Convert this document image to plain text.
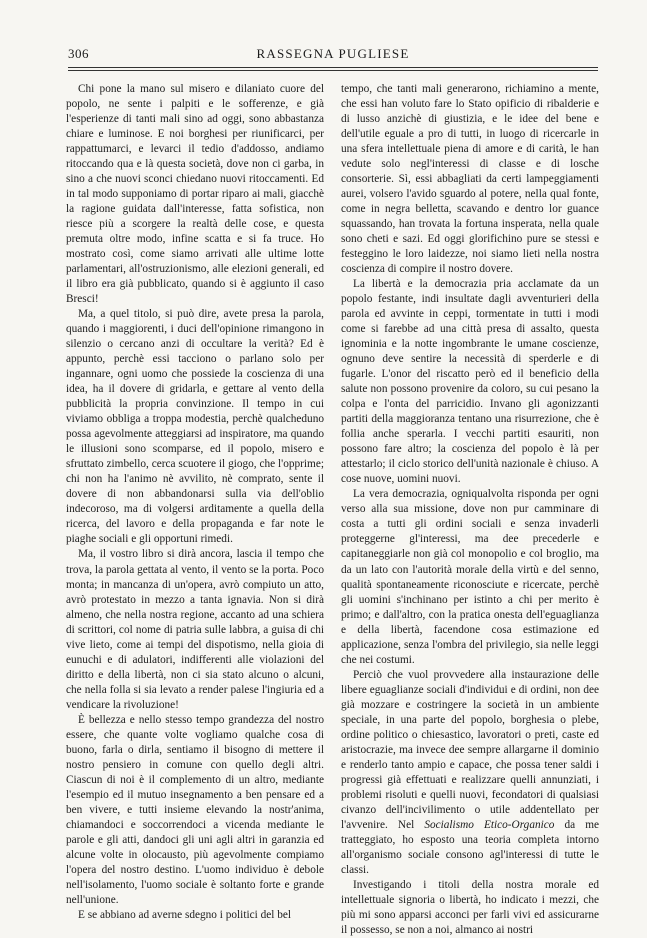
306	RASSEGNA PUGLIESE

Chi pone la mano sul misero e dilaniato cuore del popolo, ne sente i palpiti e le sofferenze, e già l'esperienze di tanti mali sino ad oggi, sono abbastanza chiare e luminose. E noi borghesi per riunificarci, per rappattumarci, e levarci il tedio d'addosso, andiamo ritoccando qua e là questa società, dove non ci garba, in sino a che nuovi sconci chiedano nuovi ritoccamenti. Ed in tal modo supponiamo di portar riparo ai mali, giacchè la ragione guidata dall'interesse, fatta sofistica, non riesce più a scorgere la realtà delle cose, e questa premuta oltre modo, infine scatta e si fa truce. Ho mostrato così, come siamo arrivati alle ultime lotte parlamentari, all'ostruzionismo, alle elezioni generali, ed il libro era già pubblicato, quando si è aggiunto il caso Bresci!

Ma, a quel titolo, si può dire, avete presa la parola, quando i maggiorenti, i duci dell'opinione rimangono in silenzio o cercano anzi di occultare la verità? Ed è appunto, perchè essi tacciono o parlano solo per ingannare, ogni uomo che possiede la coscienza di una idea, ha il dovere di gridarla, e gettare al vento della pubblicità la propria convinzione. Il tempo in cui viviamo obbliga a troppa modestia, perchè qualcheduno possa agevolmente atteggiarsi ad inspiratore, ma quando le illusioni sono scomparse, ed il popolo, misero e sfruttato zimbello, cerca scuotere il giogo, che l'opprime; chi non ha l'animo nè avvilito, nè comprato, sente il dovere di non abbandonarsi sulla via dell'oblio indecoroso, ma di volgersi arditamente a quella della ricerca, del lavoro e della propaganda e far note le piaghe sociali e gli opportuni rimedi.

Ma, il vostro libro si dirà ancora, lascia il tempo che trova, la parola gettata al vento, il vento se la porta. Poco monta; in mancanza di un'opera, avrò compiuto un atto, avrò protestato in mezzo a tanta ignavia. Non si dirà almeno, che nella nostra regione, accanto ad una schiera di scrittori, col nome di patria sulle labbra, a guisa di chi vive lieto, come ai tempi del dispotismo, nella gioia di eunuchi e di adulatori, indifferenti alle violazioni del diritto e della libertà, non ci sia stato alcuno o alcuni, che nella folla si sia levato a render palese l'ingiuria ed a vendicare la rivoluzione!

È bellezza e nello stesso tempo grandezza del nostro essere, che quante volte vogliamo qualche cosa di buono, farla o dirla, sentiamo il bisogno di mettere il nostro pensiero in comune con quello degli altri. Ciascun di noi è il complemento di un altro, mediante l'esempio ed il mutuo insegnamento a ben pensare ed a ben vivere, e tutti insieme elevando la nostr'anima, chiamandoci e soccorrendoci a vicenda mediante le parole e gli atti, dandoci gli uni agli altri in garanzia ed alcune volte in olocausto, più agevolmente compiamo l'opera del nostro destino. L'uomo individuo è debole nell'isolamento, l'uomo sociale è soltanto forte e grande nell'unione.

E se abbiano ad averne sdegno i politici del bel

tempo, che tanti mali generarono, richiamino a mente, che essi han voluto fare lo Stato opificio di ribalderie e di lusso anzichè di giustizia, e le idee del bene e dell'utile eguale a pro di tutti, in luogo di ricercarle in una sfera intellettuale piena di amore e di carità, le han vedute solo negl'interessi di classe e di losche consorterie. Sì, essi abbagliati da certi lampeggiamenti aurei, volsero l'avido sguardo al potere, nella qual fonte, come in negra belletta, scavando e dentro lor guance squassando, han trovata la fortuna insperata, nella quale sono cheti e sazi. Ed oggi glorifichino pure se stessi e festeggino le loro laidezze, noi siamo lieti nella nostra coscienza di compire il nostro dovere.

La libertà e la democrazia pria acclamate da un popolo festante, indi insultate dagli avventurieri della parola ed avvinte in ceppi, tormentate in tutti i modi come si farebbe ad una città presa di assalto, questa ignominia e la notte ingombrante le umane coscienze, ognuno deve sentire la necessità di sperderle e di fugarle. L'onor del riscatto però ed il beneficio della salute non possono provenire da coloro, su cui pesano la colpa e l'onta del parricidio. Invano gli agonizzanti partiti della maggioranza tentano una risurrezione, che è follia anche sperarla. I vecchi partiti esauriti, non possono fare altro; la coscienza del popolo è là per attestarlo; il ciclo storico dell'unità nazionale è chiuso. A cose nuove, uomini nuovi.

La vera democrazia, ogniqualvolta risponda per ogni verso alla sua missione, dove non pur camminare di costa a tutti gli ordini sociali e senza invaderli proteggerne gl'interessi, ma dee precederle e capitaneggiarle non già col monopolio e col broglio, ma da un lato con l'autorità morale della virtù e del senno, qualità spontaneamente riconosciute e ricercate, perchè gli uomini s'inchinano per istinto a chi per merito è primo; e dall'altro, con la pratica onesta dell'eguaglianza e della libertà, facendone cosa estimazione ed applicazione, senza l'ombra del privilegio, sia nelle leggi che nei costumi.

Perciò che vuol provvedere alla instaurazione delle libere eguaglianze sociali d'individui e di ordini, non dee già mozzare e costringere la società in un ambiente speciale, in una parte del popolo, borghesia o plebe, ordine politico o chiesastico, lavoratori o preti, caste ed aristocrazie, ma invece dee sempre allargarne il dominio e renderlo tanto ampio e capace, che possa tener saldi i progressi già effettuati e realizzare quelli annunziati, i problemi risoluti e quelli nuovi, fecondatori di qualsiasi civanzo dell'incivilimento o utile addentellato per l'avvenire. Nel Socialismo Etico-Organico da me tratteggiato, ho esposto una teoria completa intorno all'organismo sociale consono agl'interessi di tutte le classi.

Investigando i titoli della nostra morale ed intellettuale signoria o libertà, ho indicato i mezzi, che più mi sono apparsi acconci per farli vivi ed assicurarne il possesso, se non a noi, almanco ai nostri
